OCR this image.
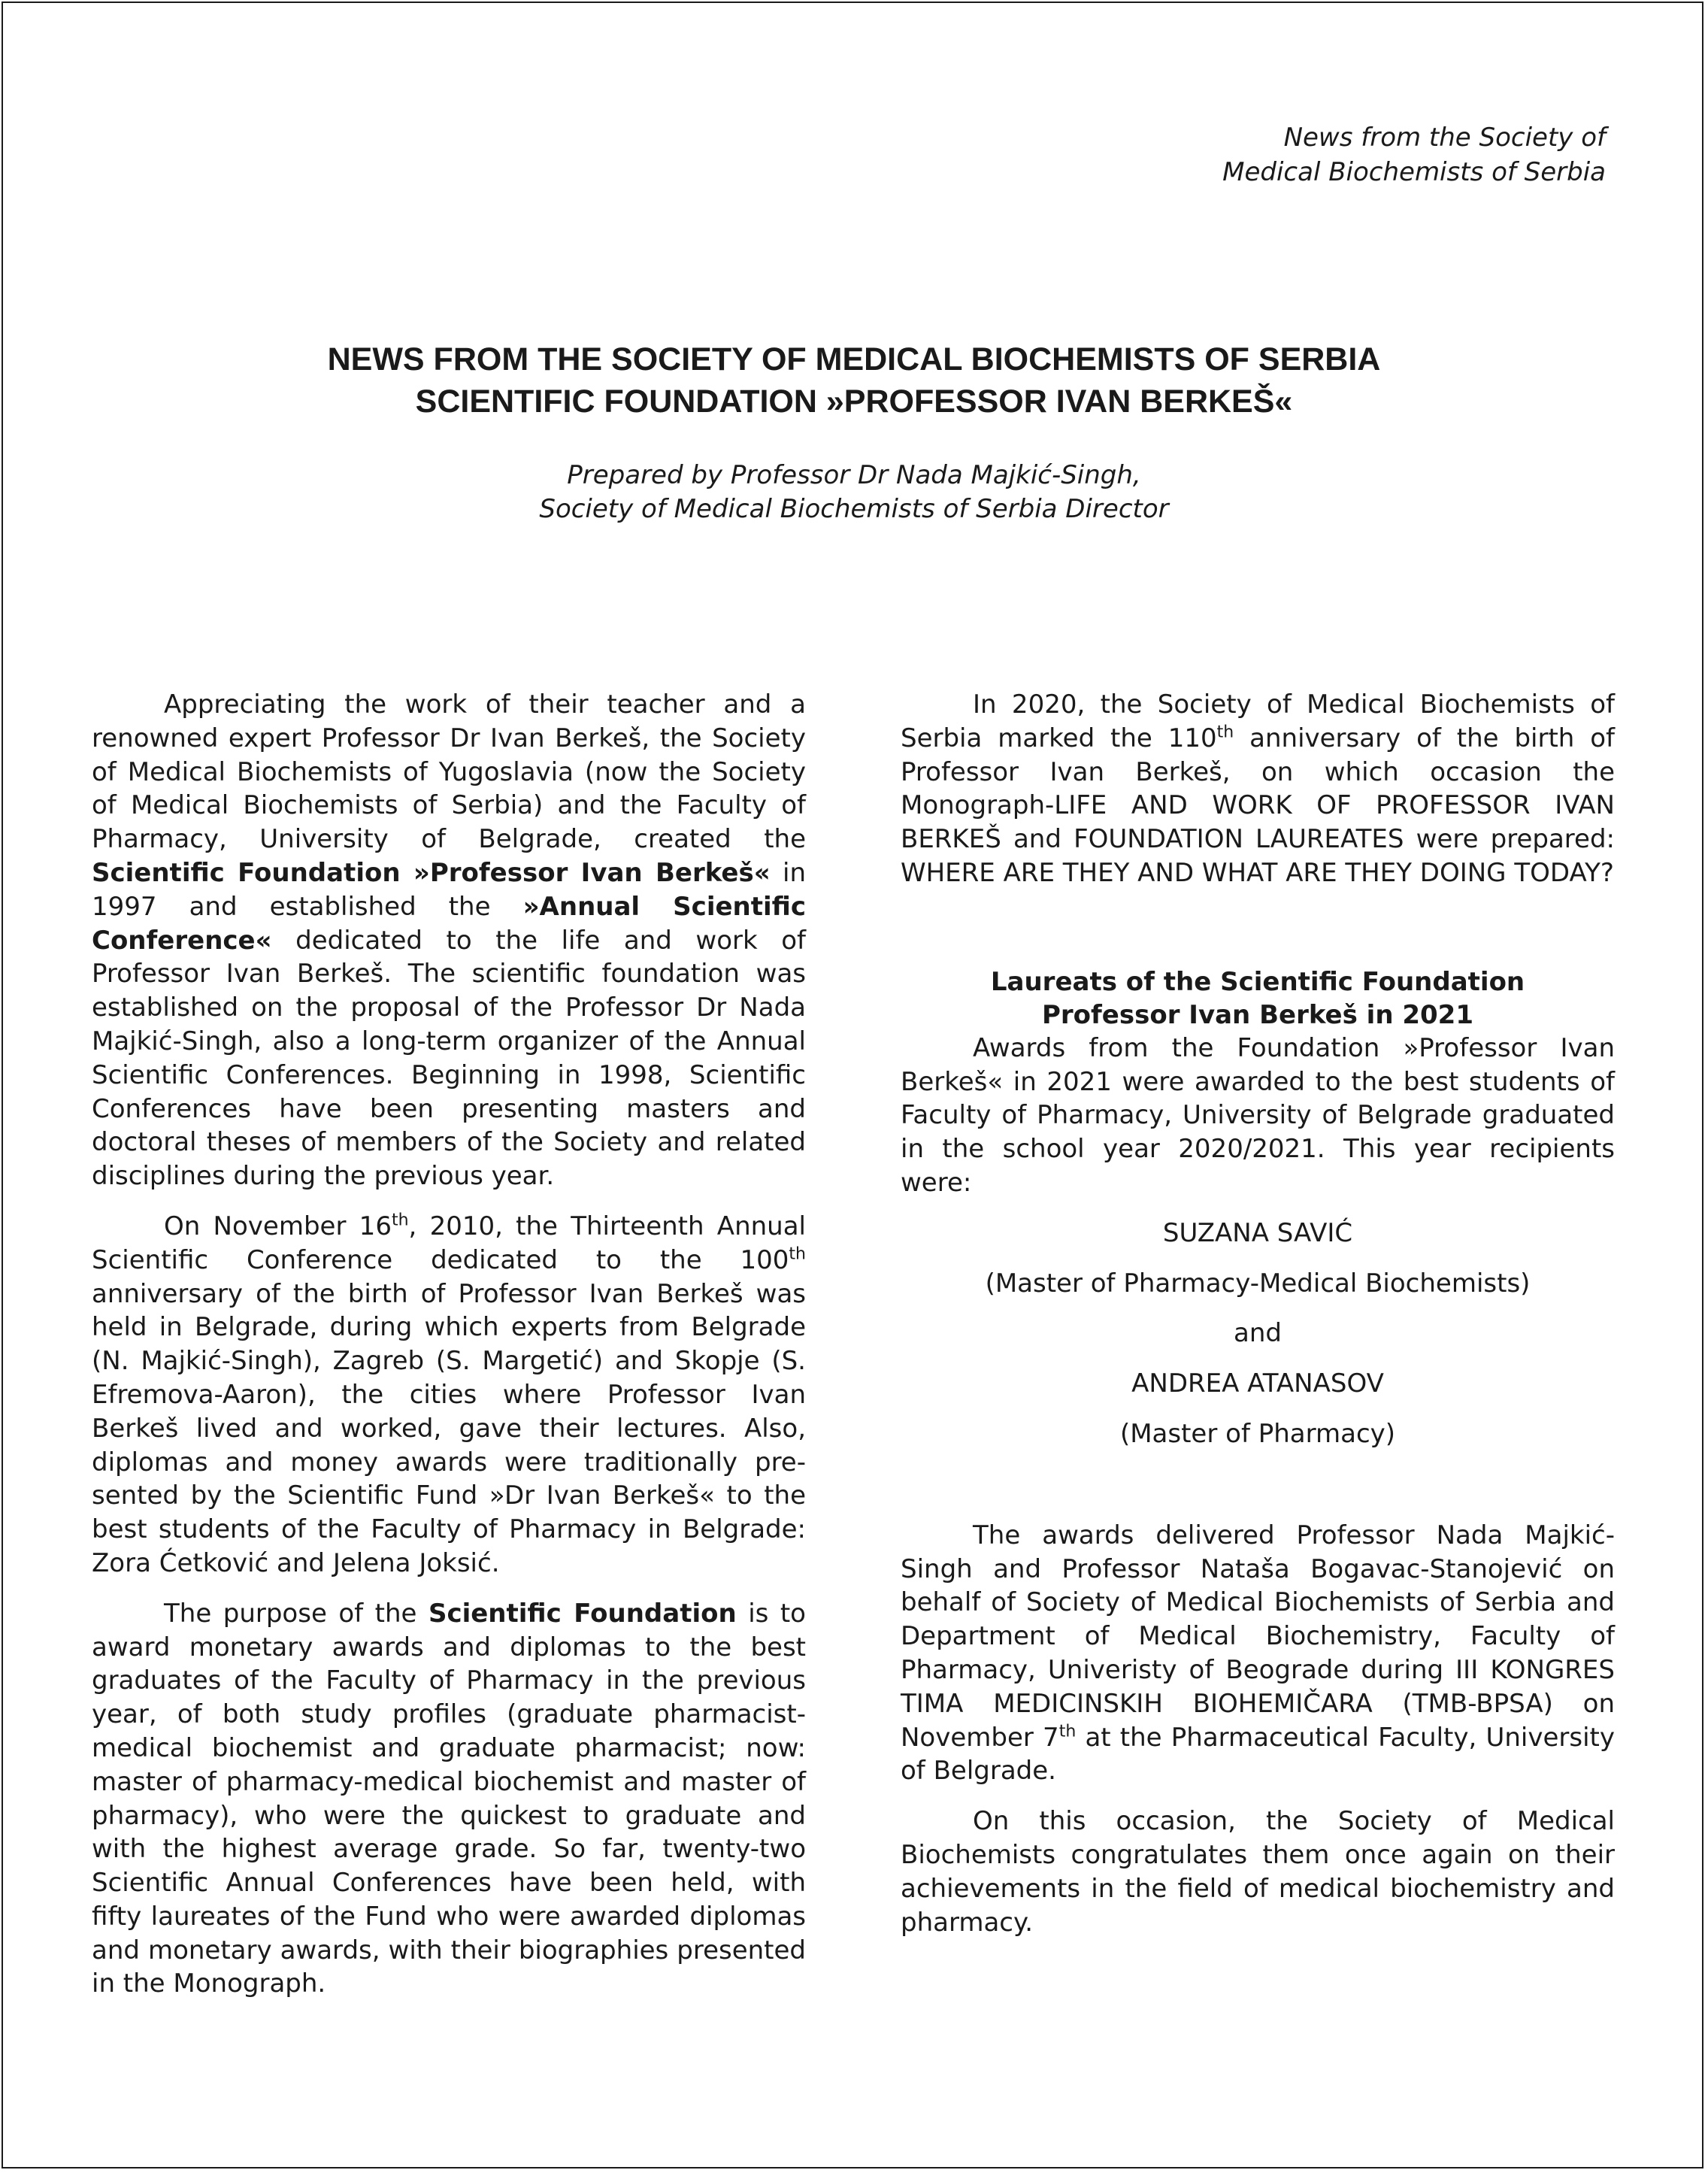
News from the Society of
Medical Biochemists of Serbia
NEWS FROM THE SOCIETY OF MEDICAL BIOCHEMISTS OF SERBIA
SCIENTIFIC FOUNDATION »PROFESSOR IVAN BERKEŠ«
Prepared by Professor Dr Nada Majkić-Singh,
Society of Medical Biochemists of Serbia Director

Appreciating the work of their teacher and a renowned expert Professor Dr Ivan Berkeš, the Society of Medical Biochemists of Yugoslavia (now the Society of Medical Biochemists of Serbia) and the Faculty of Pharmacy, University of Belgrade, created the Scientific Foundation »Professor Ivan Berkeš« in 1997 and established the »Annual Scientific Conference« dedicated to the life and work of Professor Ivan Berkeš. The scientific foundation was established on the proposal of the Professor Dr Nada Majkić-Singh, also a long-term organizer of the Annual Scientific Conferences. Beginning in 1998, Scientific Conferences have been presenting masters and doctoral theses of members of the Society and related disciplines during the previous year.

On November 16th, 2010, the Thirteenth Annual Scientific Conference dedicated to the 100th anniversary of the birth of Professor Ivan Berkeš was held in Belgrade, during which experts from Belgrade (N. Majkić-Singh), Zagreb (S. Margetić) and Skopje (S. Efremova-Aaron), the cities where Professor Ivan Berkeš lived and worked, gave their lectures. Also, diplomas and money awards were traditionally presented by the Scientific Fund »Dr Ivan Berkeš« to the best students of the Faculty of Pharmacy in Belgrade: Zora Ćetković and Jelena Joksić.

The purpose of the Scientific Foundation is to award monetary awards and diplomas to the best graduates of the Faculty of Pharmacy in the previous year, of both study profiles (graduate pharmacist-medical biochemist and graduate pharmacist; now: master of pharmacy-medical biochemist and master of pharmacy), who were the quickest to graduate and with the highest average grade. So far, twenty-two Scientific Annual Conferences have been held, with fifty laureates of the Fund who were awarded diplomas and monetary awards, with their biographies presented in the Monograph.

In 2020, the Society of Medical Biochemists of Serbia marked the 110th anniversary of the birth of Professor Ivan Berkeš, on which occasion the Monograph-LIFE AND WORK OF PROFESSOR IVAN BERKEŠ and FOUNDATION LAUREATES were prepared: WHERE ARE THEY AND WHAT ARE THEY DOING TODAY?

Laureats of the Scientific Foundation
Professor Ivan Berkeš in 2021

Awards from the Foundation »Professor Ivan Berkeš« in 2021 were awarded to the best students of Faculty of Pharmacy, University of Belgrade graduated in the school year 2020/2021. This year recipients were:

SUZANA SAVIĆ

(Master of Pharmacy-Medical Biochemists)

and

ANDREA ATANASOV

(Master of Pharmacy)

The awards delivered Professor Nada Majkić-Singh and Professor Nataša Bogavac-Stanojević on behalf of Society of Medical Biochemists of Serbia and Department of Medical Biochemistry, Faculty of Pharmacy, Univeristy of Beograde during III KONGRES TIMA MEDICINSKIH BIOHEMIČARA (TMB-BPSA) on November 7th at the Pharmaceutical Faculty, University of Belgrade.

On this occasion, the Society of Medical Biochemists congratulates them once again on their achievements in the field of medical biochemistry and pharmacy.
